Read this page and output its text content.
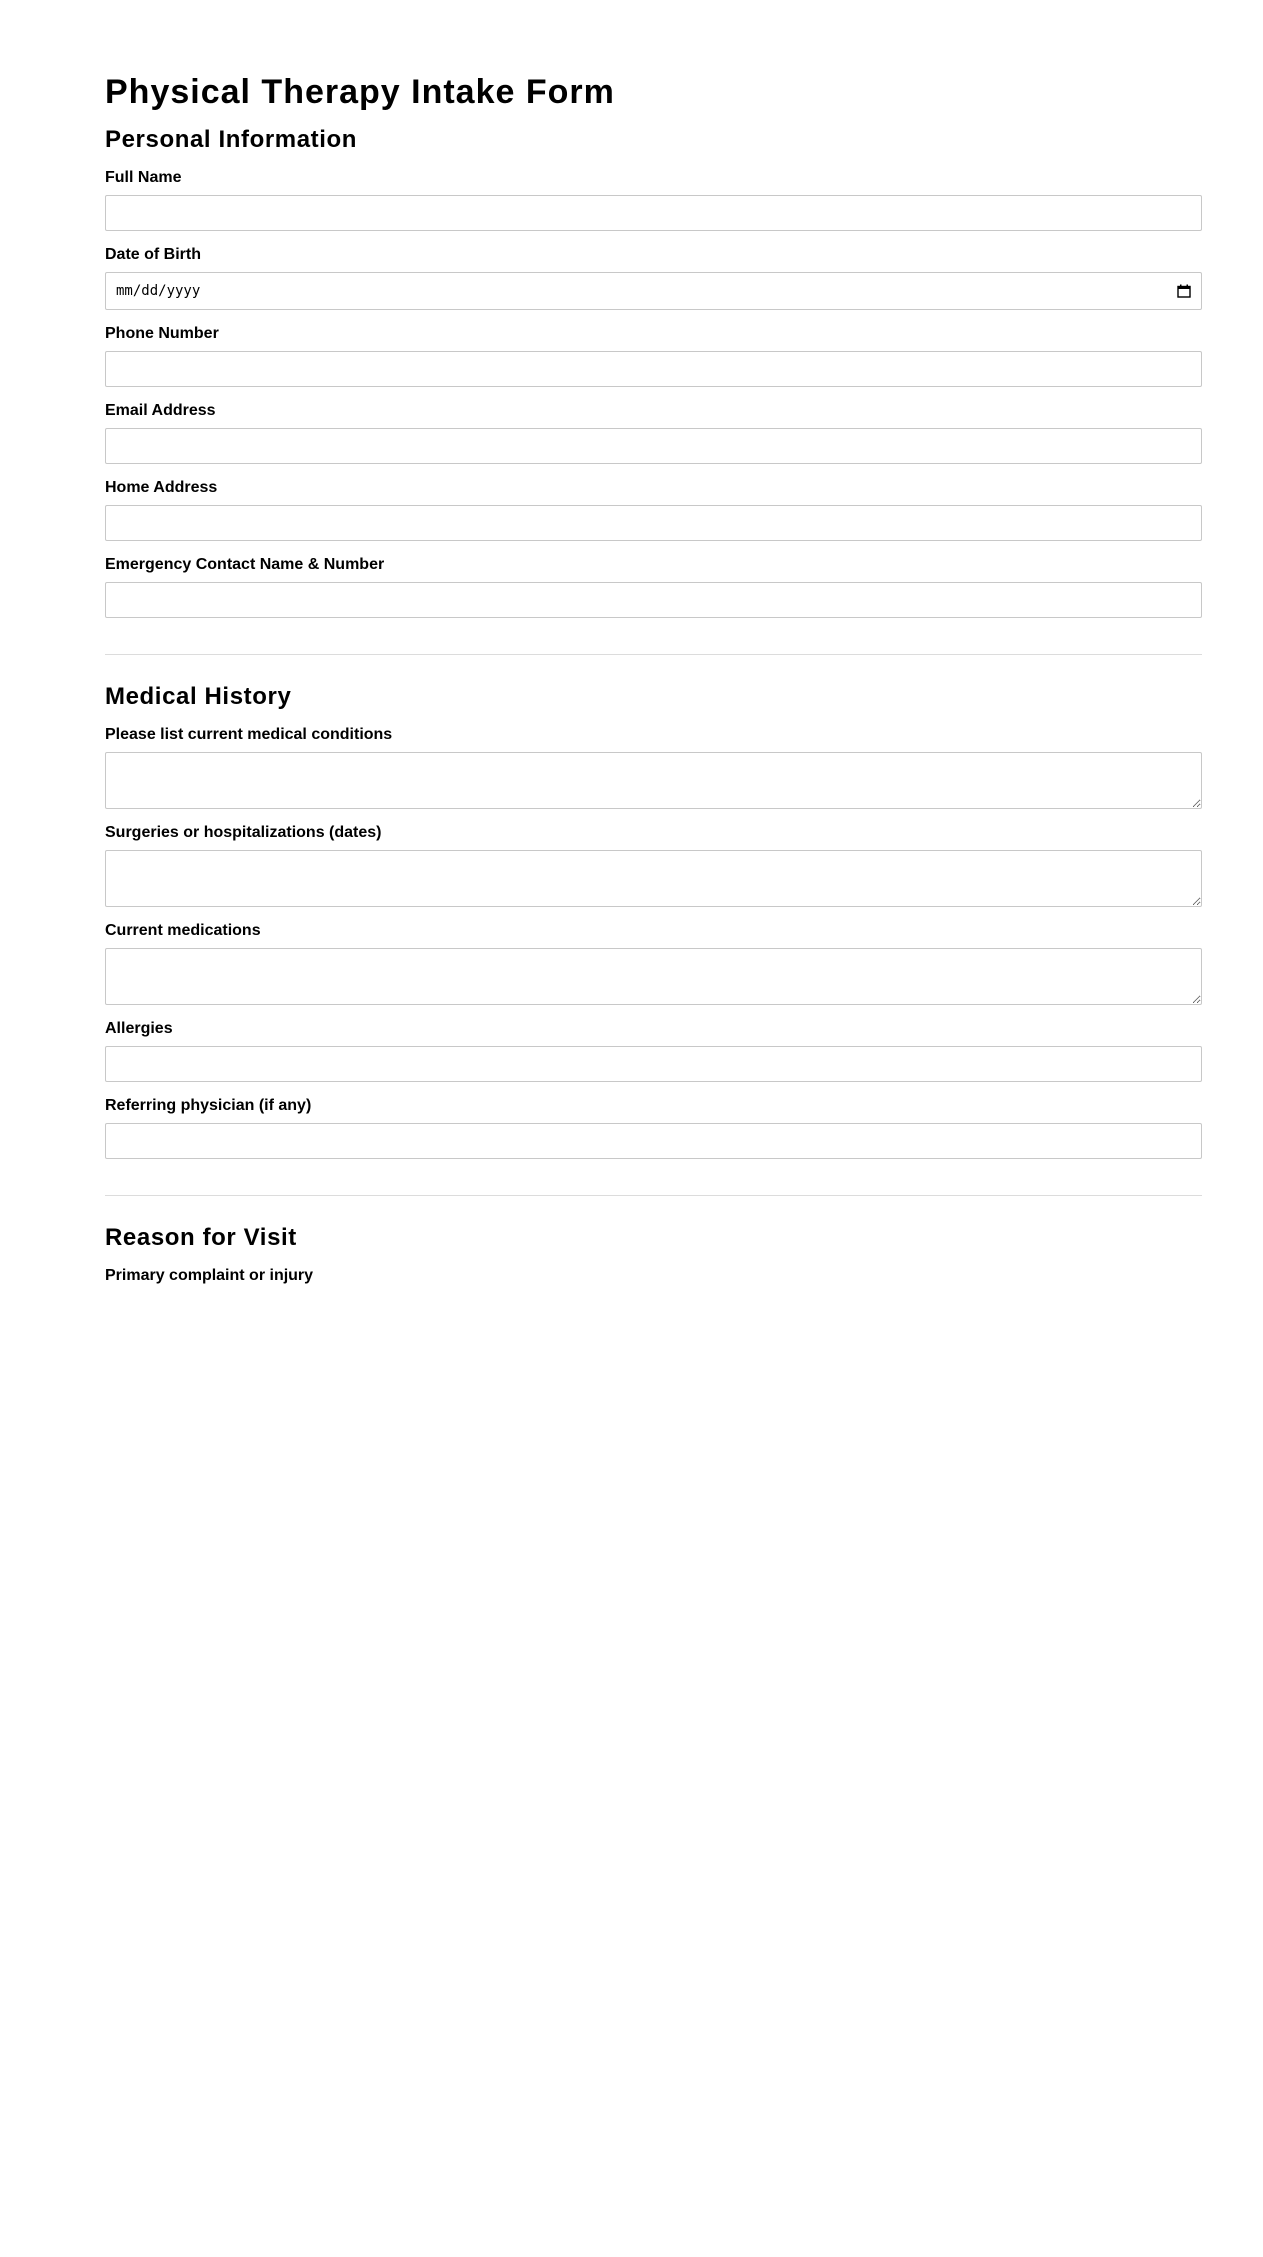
Physical Therapy Intake Form
Personal Information
Full Name
Date of Birth
mm/dd/yyyy
Phone Number
Email Address
Home Address
Emergency Contact Name & Number
Medical History
Please list current medical conditions
Surgeries or hospitalizations (dates)
Current medications
Allergies
Referring physician (if any)
Reason for Visit
Primary complaint or injury
